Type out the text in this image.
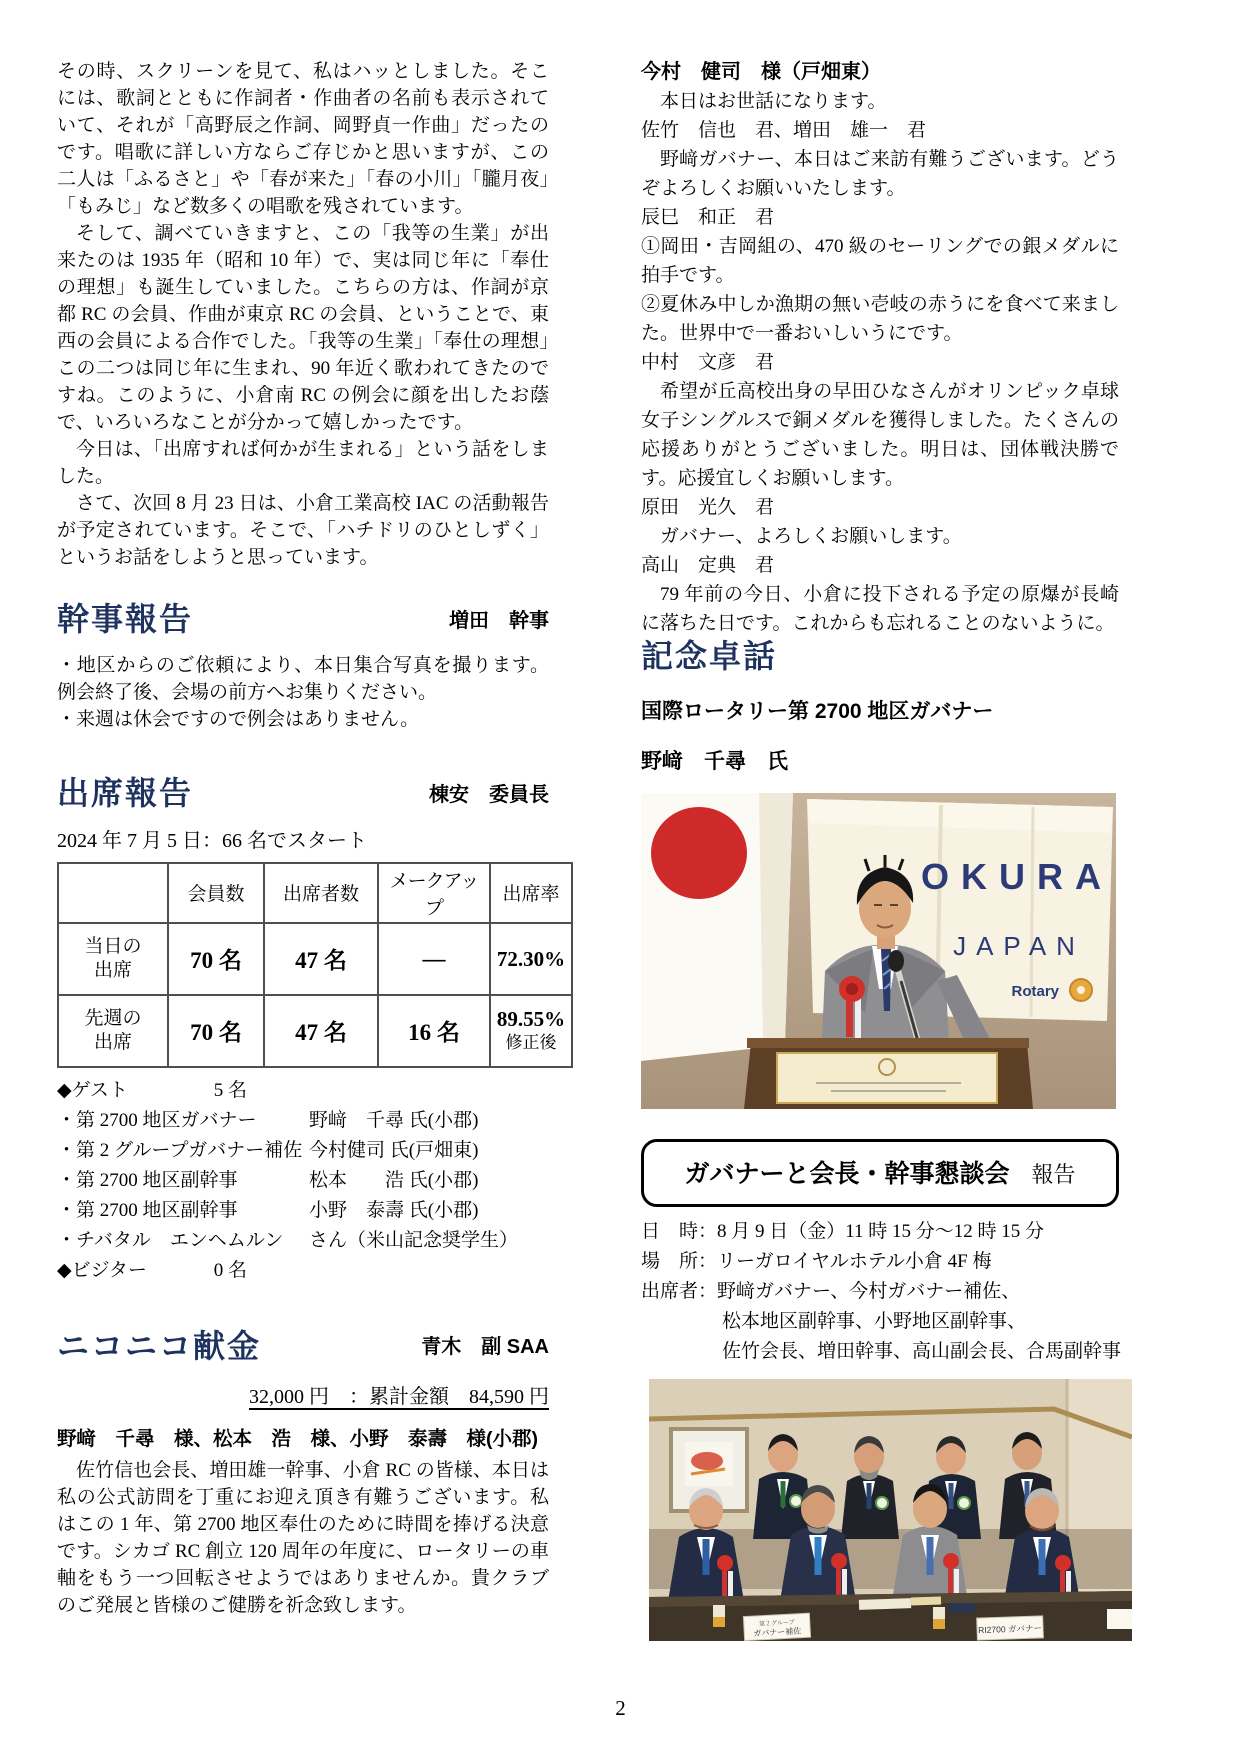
その時、スクリーンを見て、私はハッとしました。そこには、歌詞とともに作詞者・作曲者の名前も表示されていて、それが「高野辰之作詞、岡野貞一作曲」だったのです。唱歌に詳しい方ならご存じかと思いますが、この二人は「ふるさと」や「春が来た」「春の小川」「朧月夜」「もみじ」など数多くの唱歌を残されています。

そして、調べていきますと、この「我等の生業」が出来たのは 1935 年（昭和 10 年）で、実は同じ年に「奉仕の理想」も誕生していました。こちらの方は、作詞が京都 RC の会員、作曲が東京 RC の会員、ということで、東西の会員による合作でした。「我等の生業」「奉仕の理想」この二つは同じ年に生まれ、90 年近く歌われてきたのですね。このように、小倉南 RC の例会に顔を出したお蔭で、いろいろなことが分かって嬉しかったです。

今日は、「出席すれば何かが生まれる」という話をしました。

さて、次回 8 月 23 日は、小倉工業高校 IAC の活動報告が予定されています。そこで、「ハチドリのひとしずく」というお話をしようと思っています。

幹事報告	増田　幹事

・地区からのご依頼により、本日集合写真を撮ります。例会終了後、会場の前方へお集りください。

・来週は休会ですので例会はありません。

出席報告	棟安　委員長
2024 年 7 月 5 日：66 名でスタート
	会員数	出席者数	メークアップ	出席率
当日の
出席	70 名	47 名	―	72.30%
先週の
出席	70 名	47 名	16 名	89.55%
修正後
◆ゲスト	5 名
・第 2700 地区ガバナー	野﨑　千尋 氏(小郡)
・第 2 グループガバナー補佐 今村健司 氏(戸畑東)
・第 2700 地区副幹事	松本　　浩 氏(小郡)
・第 2700 地区副幹事	小野　泰壽 氏(小郡)
・チバタル　エンヘムルン	さん（米山記念奨学生）
◆ビジター	0 名
ニコニコ献金	青木　副 SAA
32,000 円　：累計金額　84,590 円
野﨑　千尋　様、松本　浩　様、小野　泰壽　様(小郡)

佐竹信也会長、増田雄一幹事、小倉 RC の皆様、本日は私の公式訪問を丁重にお迎え頂き有難うございます。私はこの 1 年、第 2700 地区奉仕のために時間を捧げる決意です。シカゴ RC 創立 120 周年の年度に、ロータリーの車軸をもう一つ回転させようではありませんか。貴クラブのご発展と皆様のご健勝を祈念致します。

今村　健司　様（戸畑東）

本日はお世話になります。

佐竹　信也　君、増田　雄一　君

野﨑ガバナー、本日はご来訪有難うございます。どうぞよろしくお願いいたします。

辰巳　和正　君

①岡田・吉岡組の、470 級のセーリングでの銀メダルに拍手です。

②夏休み中しか漁期の無い壱岐の赤うにを食べて来ました。世界中で一番おいしいうにです。

中村　文彦　君

希望が丘高校出身の早田ひなさんがオリンピック卓球女子シングルスで銅メダルを獲得しました。たくさんの応援ありがとうございました。明日は、団体戦決勝です。応援宜しくお願いします。

原田　光久　君

ガバナー、よろしくお願いします。

高山　定典　君

79 年前の今日、小倉に投下される予定の原爆が長崎に落ちた日です。これからも忘れることのないように。

記念卓話
国際ロータリー第 2700 地区ガバナー
野﨑　千尋　氏
OKURA
JAPAN
Rotary
ガバナーと会長・幹事懇談会　報告
日　時：8 月 9 日（金）11 時 15 分～12 時 15 分
場　所：リーガロイヤルホテル小倉 4F 梅
出席者：野﨑ガバナー、今村ガバナー補佐、
松本地区副幹事、小野地区副幹事、
佐竹会長、増田幹事、高山副会長、合馬副幹事
第２グループ
ガバナー補佐	RI2700 ガバナー
2
